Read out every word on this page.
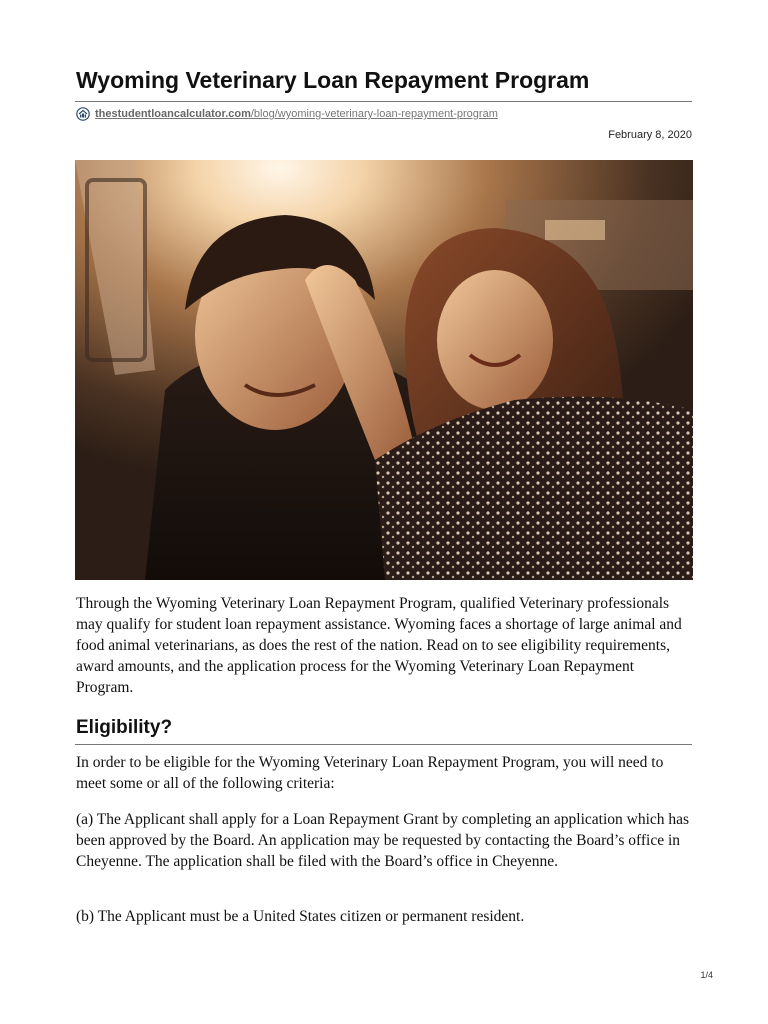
Wyoming Veterinary Loan Repayment Program
thestudentloancalculator.com/blog/wyoming-veterinary-loan-repayment-program
February 8, 2020

Through the Wyoming Veterinary Loan Repayment Program, qualified Veterinary professionals may qualify for student loan repayment assistance. Wyoming faces a shortage of large animal and food animal veterinarians, as does the rest of the nation. Read on to see eligibility requirements, award amounts, and the application process for the Wyoming Veterinary Loan Repayment Program.

Eligibility?

In order to be eligible for the Wyoming Veterinary Loan Repayment Program, you will need to meet some or all of the following criteria:

(a) The Applicant shall apply for a Loan Repayment Grant by completing an application which has been approved by the Board. An application may be requested by contacting the Board’s office in Cheyenne. The application shall be filed with the Board’s office in Cheyenne.

(b) The Applicant must be a United States citizen or permanent resident.

1/4
